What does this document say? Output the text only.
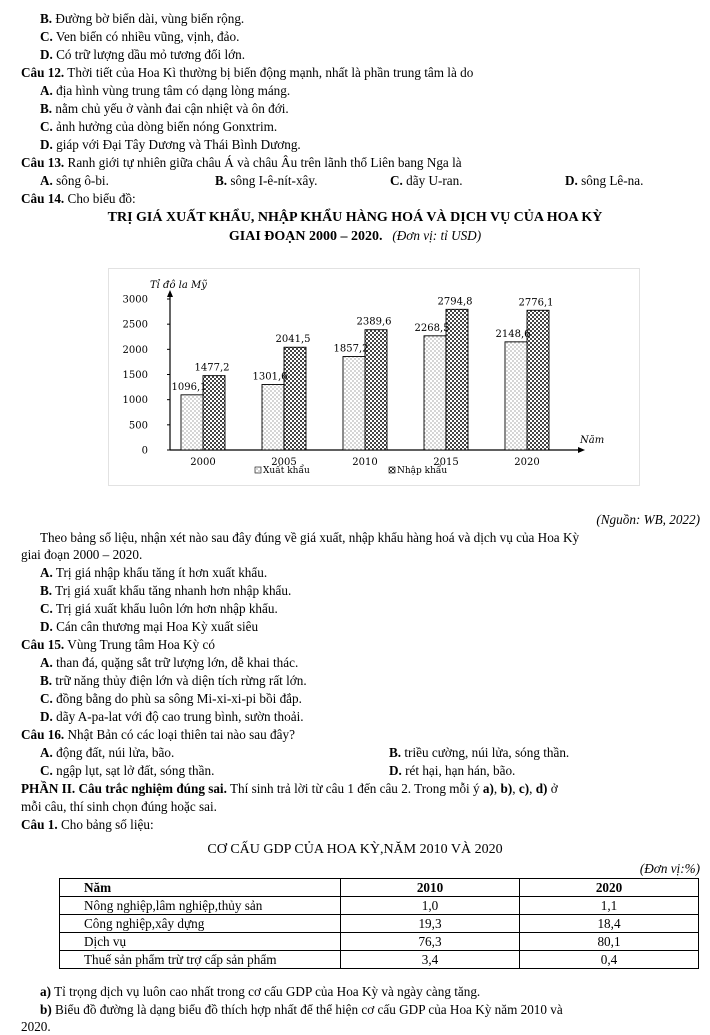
B. Đường bờ biển dài, vùng biển rộng.
C. Ven biển có nhiều vũng, vịnh, đảo.
D. Có trữ lượng dầu mỏ tương đối lớn.
Câu 12. Thời tiết của Hoa Kì thường bị biến động mạnh, nhất là phần trung tâm là do
A. địa hình vùng trung tâm có dạng lòng máng.
B. nằm chủ yếu ở vành đai cận nhiệt và ôn đới.
C. ảnh hưởng của dòng biển nóng Gonxtrim.
D. giáp với Đại Tây Dương và Thái Bình Dương.
Câu 13. Ranh giới tự nhiên giữa châu Á và châu Âu trên lãnh thổ Liên bang Nga là
A. sông ô-bi.	B. sông I-ê-nít-xây.	C. dãy U-ran.	D. sông Lê-na.
Câu 14. Cho biểu đồ:
TRỊ GIÁ XUẤT KHẨU, NHẬP KHẨU HÀNG HOÁ VÀ DỊCH VỤ CỦA HOA KỲ
GIAI ĐOẠN 2000 – 2020. (Đơn vị: tỉ USD)
Tỉ đô la Mỹ
Năm
0
500
1000
1500
2000
2500
3000
1096,1
1477,2
2000
1301,6
2041,5
2005
1857,2
2389,6
2010
2268,5
2794,8
2015
2148,6
2776,1
2020
Xuất khẩu	Nhập khẩu
(Nguồn: WB, 2022)
Theo bảng số liệu, nhận xét nào sau đây đúng về giá xuất, nhập khẩu hàng hoá và dịch vụ của Hoa Kỳ
giai đoạn 2000 – 2020.
A. Trị giá nhập khẩu tăng ít hơn xuất khẩu.
B. Trị giá xuất khẩu tăng nhanh hơn nhập khẩu.
C. Trị giá xuất khẩu luôn lớn hơn nhập khẩu.
D. Cán cân thương mại Hoa Kỳ xuất siêu
Câu 15. Vùng Trung tâm Hoa Kỳ có
A. than đá, quặng sắt trữ lượng lớn, dễ khai thác.
B. trữ năng thủy điện lớn và diện tích rừng rất lớn.
C. đồng bằng do phù sa sông Mi-xi-xi-pi bồi đắp.
D. dãy A-pa-lat với độ cao trung bình, sườn thoải.
Câu 16. Nhật Bản có các loại thiên tai nào sau đây?
A. động đất, núi lửa, bão.	B. triều cường, núi lửa, sóng thần.
C. ngập lụt, sạt lở đất, sóng thần.	D. rét hại, hạn hán, bão.
PHẦN II. Câu trắc nghiệm đúng sai. Thí sinh trả lời từ câu 1 đến câu 2. Trong mỗi ý a), b), c), d) ở
mỗi câu, thí sinh chọn đúng hoặc sai.
Câu 1. Cho bảng số liệu:
CƠ CẤU GDP CỦA HOA KỲ,NĂM 2010 VÀ 2020
(Đơn vị:%)
Năm	2010	2020
Nông nghiệp,lâm nghiệp,thủy sản	1,0	1,1
Công nghiệp,xây dựng	19,3	18,4
Dịch vụ	76,3	80,1
Thuế sản phẩm trừ trợ cấp sản phẩm	3,4	0,4
a) Tỉ trọng dịch vụ luôn cao nhất trong cơ cấu GDP của Hoa Kỳ và ngày càng tăng.
b) Biểu đồ đường là dạng biểu đồ thích hợp nhất để thể hiện cơ cấu GDP của Hoa Kỳ năm 2010 và
2020.
